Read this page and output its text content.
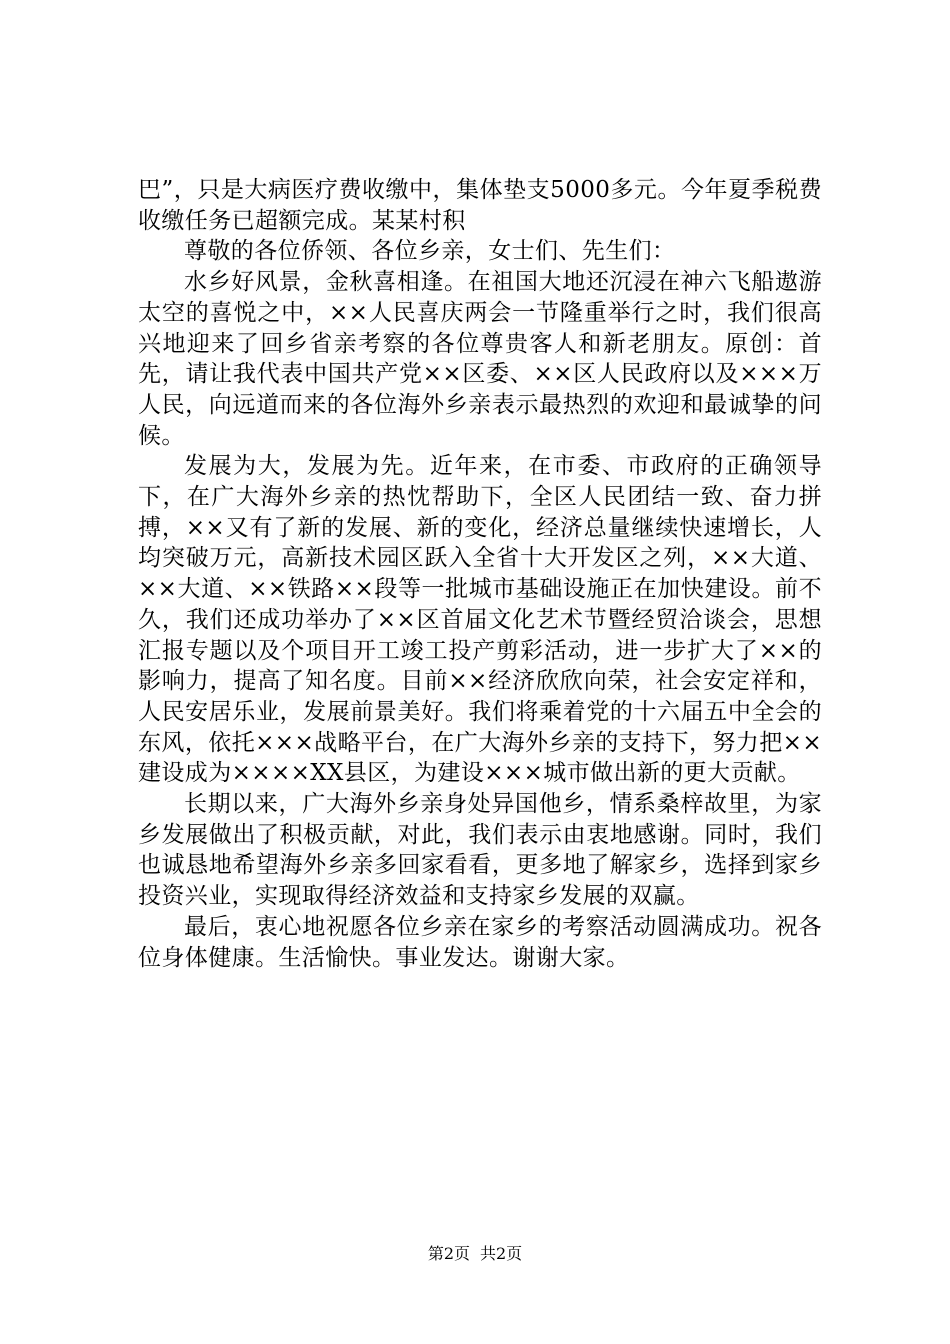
巴”，只是大病医疗费收缴中，集体垫支5000多元。今年夏季税费收缴任务已超额完成。某某村积

尊敬的各位侨领、各位乡亲，女士们、先生们：

水乡好风景，金秋喜相逢。在祖国大地还沉浸在神六飞船遨游太空的喜悦之中，××人民喜庆两会一节隆重举行之时，我们很高兴地迎来了回乡省亲考察的各位尊贵客人和新老朋友。原创：首先，请让我代表中国共产党××区委、××区人民政府以及×××万人民，向远道而来的各位海外乡亲表示最热烈的欢迎和最诚挚的问候。

发展为大，发展为先。近年来，在市委、市政府的正确领导下，在广大海外乡亲的热忱帮助下，全区人民团结一致、奋力拼搏，××又有了新的发展、新的变化，经济总量继续快速增长，人均突破万元，高新技术园区跃入全省十大开发区之列，××大道、××大道、××铁路××段等一批城市基础设施正在加快建设。前不久，我们还成功举办了××区首届文化艺术节暨经贸洽谈会，思想汇报专题以及个项目开工竣工投产剪彩活动，进一步扩大了××的影响力，提高了知名度。目前××经济欣欣向荣，社会安定祥和，人民安居乐业，发展前景美好。我们将乘着党的十六届五中全会的东风，依托×××战略平台，在广大海外乡亲的支持下，努力把××建设成为××××XX县区，为建设×××城市做出新的更大贡献。

长期以来，广大海外乡亲身处异国他乡，情系桑梓故里，为家乡发展做出了积极贡献，对此，我们表示由衷地感谢。同时，我们也诚恳地希望海外乡亲多回家看看，更多地了解家乡，选择到家乡投资兴业，实现取得经济效益和支持家乡发展的双赢。

最后，衷心地祝愿各位乡亲在家乡的考察活动圆满成功。祝各位身体健康。生活愉快。事业发达。谢谢大家。

第2页 共2页
